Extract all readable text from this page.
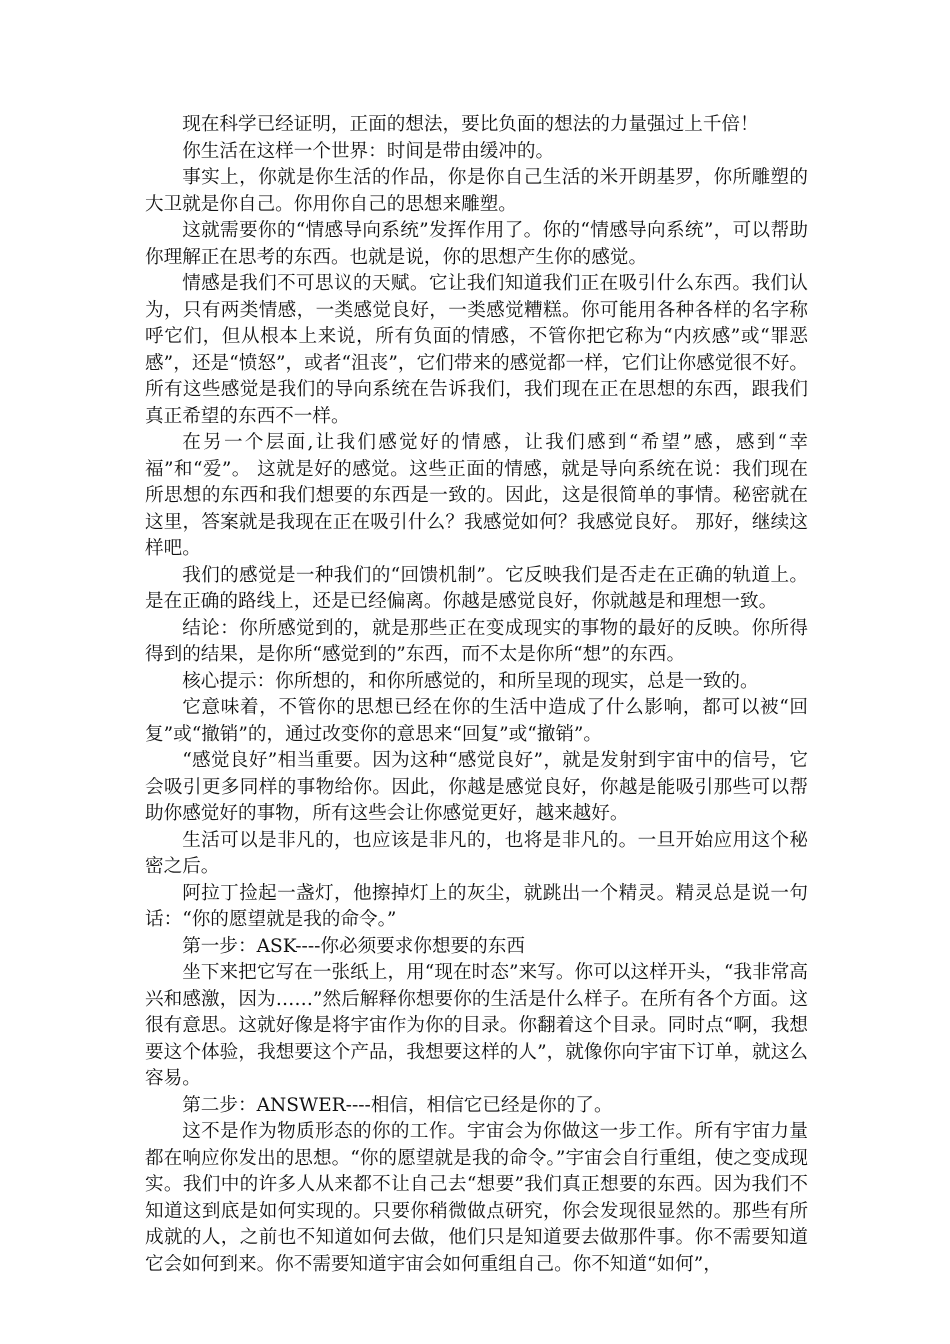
现在科学已经证明，正面的想法，要比负面的想法的力量强过上千倍！

你生活在这样一个世界：时间是带由缓冲的。

事实上，你就是你生活的作品，你是你自己生活的米开朗基罗，你所雕塑的大卫就是你自己。你用你自己的思想来雕塑。

这就需要你的“情感导向系统”发挥作用了。你的“情感导向系统”，可以帮助你理解正在思考的东西。也就是说，你的思想产生你的感觉。

情感是我们不可思议的天赋。它让我们知道我们正在吸引什么东西。我们认为，只有两类情感，一类感觉良好，一类感觉糟糕。你可能用各种各样的名字称呼它们，但从根本上来说，所有负面的情感，不管你把它称为“内疚感”或“罪恶感”，还是“愤怒”，或者“沮丧”，它们带来的感觉都一样，它们让你感觉很不好。所有这些感觉是我们的导向系统在告诉我们，我们现在正在思想的东西，跟我们真正希望的东西不一样。

在另一个层面,让我们感觉好的情感，让我们感到“希望”感，感到“幸福”和“爱”。 这就是好的感觉。这些正面的情感，就是导向系统在说：我们现在所思想的东西和我们想要的东西是一致的。因此，这是很简单的事情。秘密就在这里，答案就是我现在正在吸引什么？我感觉如何？我感觉良好。 那好，继续这样吧。

我们的感觉是一种我们的“回馈机制”。它反映我们是否走在正确的轨道上。是在正确的路线上，还是已经偏离。你越是感觉良好，你就越是和理想一致。

结论：你所感觉到的，就是那些正在变成现实的事物的最好的反映。你所得得到的结果，是你所“感觉到的”东西，而不太是你所“想”的东西。

核心提示：你所想的，和你所感觉的，和所呈现的现实，总是一致的。

它意味着，不管你的思想已经在你的生活中造成了什么影响，都可以被“回复”或“撤销”的，通过改变你的意思来“回复”或“撤销”。

“感觉良好”相当重要。因为这种“感觉良好”，就是发射到宇宙中的信号，它会吸引更多同样的事物给你。因此，你越是感觉良好，你越是能吸引那些可以帮助你感觉好的事物，所有这些会让你感觉更好，越来越好。

生活可以是非凡的，也应该是非凡的，也将是非凡的。一旦开始应用这个秘密之后。

阿拉丁捡起一盏灯，他擦掉灯上的灰尘，就跳出一个精灵。精灵总是说一句话：“你的愿望就是我的命令。”

第一步：ASK----你必须要求你想要的东西

坐下来把它写在一张纸上，用“现在时态”来写。你可以这样开头，“我非常高兴和感激，因为……”然后解释你想要你的生活是什么样子。在所有各个方面。这很有意思。这就好像是将宇宙作为你的目录。你翻着这个目录。同时点“啊，我想要这个体验，我想要这个产品，我想要这样的人”，就像你向宇宙下订单，就这么容易。

第二步：ANSWER----相信，相信它已经是你的了。

这不是作为物质形态的你的工作。宇宙会为你做这一步工作。所有宇宙力量都在响应你发出的思想。“你的愿望就是我的命令。”宇宙会自行重组，使之变成现实。我们中的许多人从来都不让自己去“想要”我们真正想要的东西。因为我们不知道这到底是如何实现的。只要你稍微做点研究，你会发现很显然的。那些有所成就的人，之前也不知道如何去做，他们只是知道要去做那件事。你不需要知道它会如何到来。你不需要知道宇宙会如何重组自己。你不知道“如何”，
